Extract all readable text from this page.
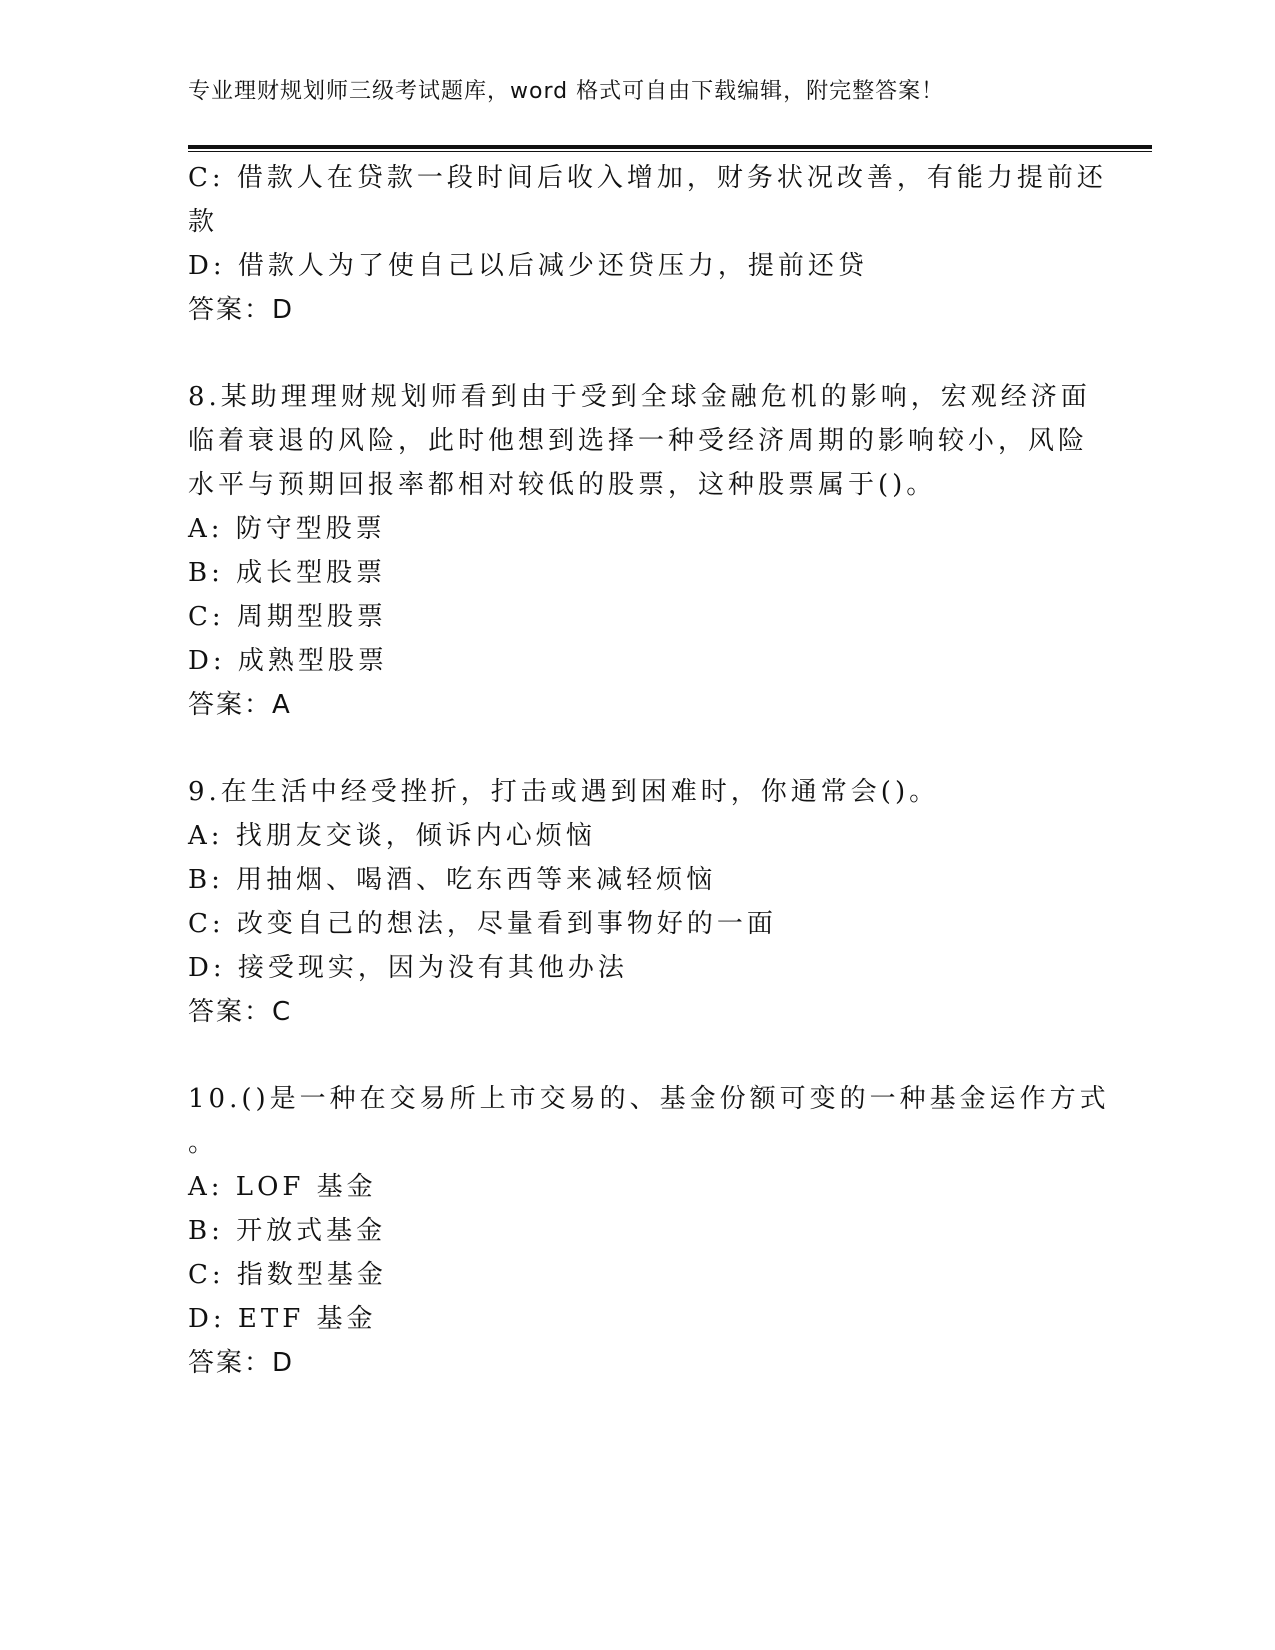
专业理财规划师三级考试题库，word 格式可自由下载编辑，附完整答案！
C: 借款人在贷款一段时间后收入增加，财务状况改善，有能力提前还
款
D: 借款人为了使自己以后减少还贷压力，提前还贷
答案：D
8.某助理理财规划师看到由于受到全球金融危机的影响，宏观经济面
临着衰退的风险，此时他想到选择一种受经济周期的影响较小，风险
水平与预期回报率都相对较低的股票，这种股票属于()。
A: 防守型股票
B: 成长型股票
C: 周期型股票
D: 成熟型股票
答案：A
9.在生活中经受挫折，打击或遇到困难时，你通常会()。
A: 找朋友交谈，倾诉内心烦恼
B: 用抽烟、喝酒、吃东西等来减轻烦恼
C: 改变自己的想法，尽量看到事物好的一面
D: 接受现实，因为没有其他办法
答案：C
10.()是一种在交易所上市交易的、基金份额可变的一种基金运作方式
。
A: LOF 基金
B: 开放式基金
C: 指数型基金
D: ETF 基金
答案：D
